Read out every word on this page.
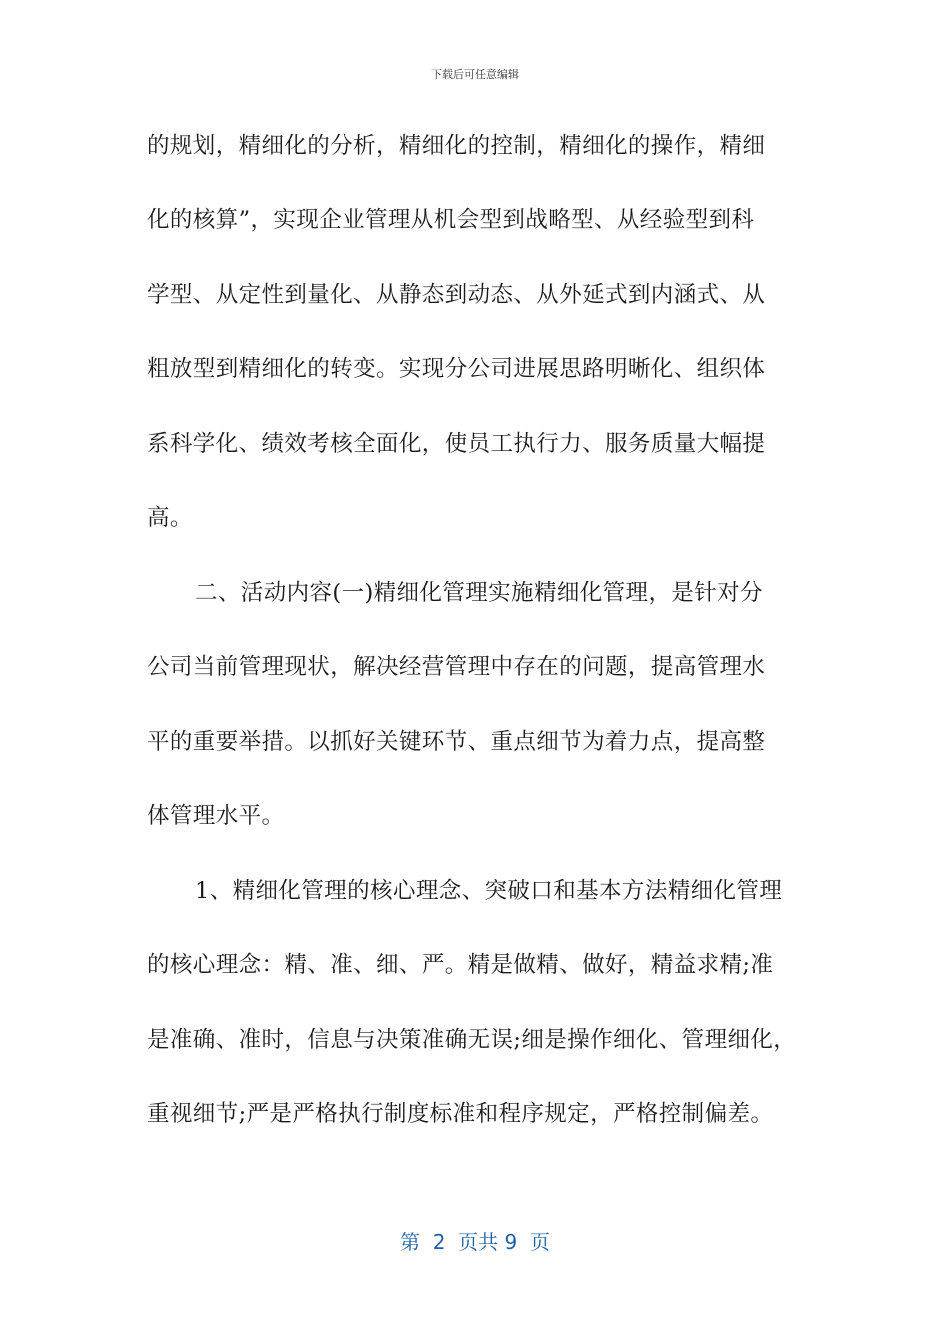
下载后可任意编辑
的规划，精细化的分析，精细化的控制，精细化的操作，精细
化的核算”，实现企业管理从机会型到战略型、从经验型到科
学型、从定性到量化、从静态到动态、从外延式到内涵式、从
粗放型到精细化的转变。实现分公司进展思路明晰化、组织体
系科学化、绩效考核全面化，使员工执行力、服务质量大幅提
高。
二、活动内容(一)精细化管理实施精细化管理，是针对分
公司当前管理现状，解决经营管理中存在的问题，提高管理水
平的重要举措。以抓好关键环节、重点细节为着力点，提高整
体管理水平。
1、精细化管理的核心理念、突破口和基本方法精细化管理
的核心理念：精、准、细、严。精是做精、做好，精益求精;准
是准确、准时，信息与决策准确无误;细是操作细化、管理细化，
重视细节;严是严格执行制度标准和程序规定，严格控制偏差。
第  2  页共 9  页
